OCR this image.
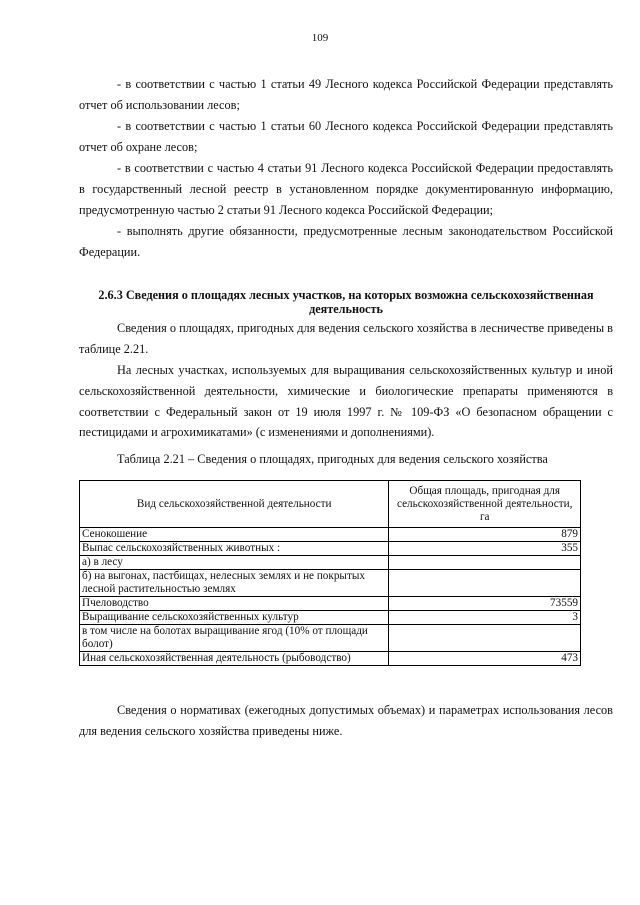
109

- в соответствии с частью 1 статьи 49 Лесного кодекса Российской Федерации представлять отчет об использовании лесов;

- в соответствии с частью 1 статьи 60 Лесного кодекса Российской Федерации представлять отчет об охране лесов;

- в соответствии с частью 4 статьи 91 Лесного кодекса Российской Федерации предоставлять в государственный лесной реестр в установленном порядке документированную информацию, предусмотренную частью 2 статьи 91 Лесного кодекса Российской Федерации;

- выполнять другие обязанности, предусмотренные лесным законодательством Российской Федерации.

2.6.3 Сведения о площадях лесных участков, на которых возможна сельскохозяйственная деятельность

Сведения о площадях, пригодных для ведения сельского хозяйства в лесничестве приведены в таблице 2.21.

На лесных участках, используемых для выращивания сельскохозяйственных культур и иной сельскохозяйственной деятельности, химические и биологические препараты применяются в соответствии с Федеральный закон от 19 июля 1997 г. № 109-ФЗ «О безопасном обращении с пестицидами и агрохимикатами» (с изменениями и дополнениями).

Таблица 2.21 – Сведения о площадях, пригодных для ведения сельского хозяйства

Вид сельскохозяйственной деятельности	Общая площадь, пригодная для сельскохозяйственной деятельности, га
Сенокошение	879
Выпас сельскохозяйственных животных :	355
а) в лесу	
б) на выгонах, пастбищах, нелесных землях и не покрытых лесной растительностью землях	
Пчеловодство	73559
Выращивание сельскохозяйственных культур	3
в том числе на болотах выращивание ягод (10% от площади болот)	
Иная сельскохозяйственная деятельность (рыбоводство)	473

Сведения о нормативах (ежегодных допустимых объемах) и параметрах использования лесов для ведения сельского хозяйства приведены ниже.
